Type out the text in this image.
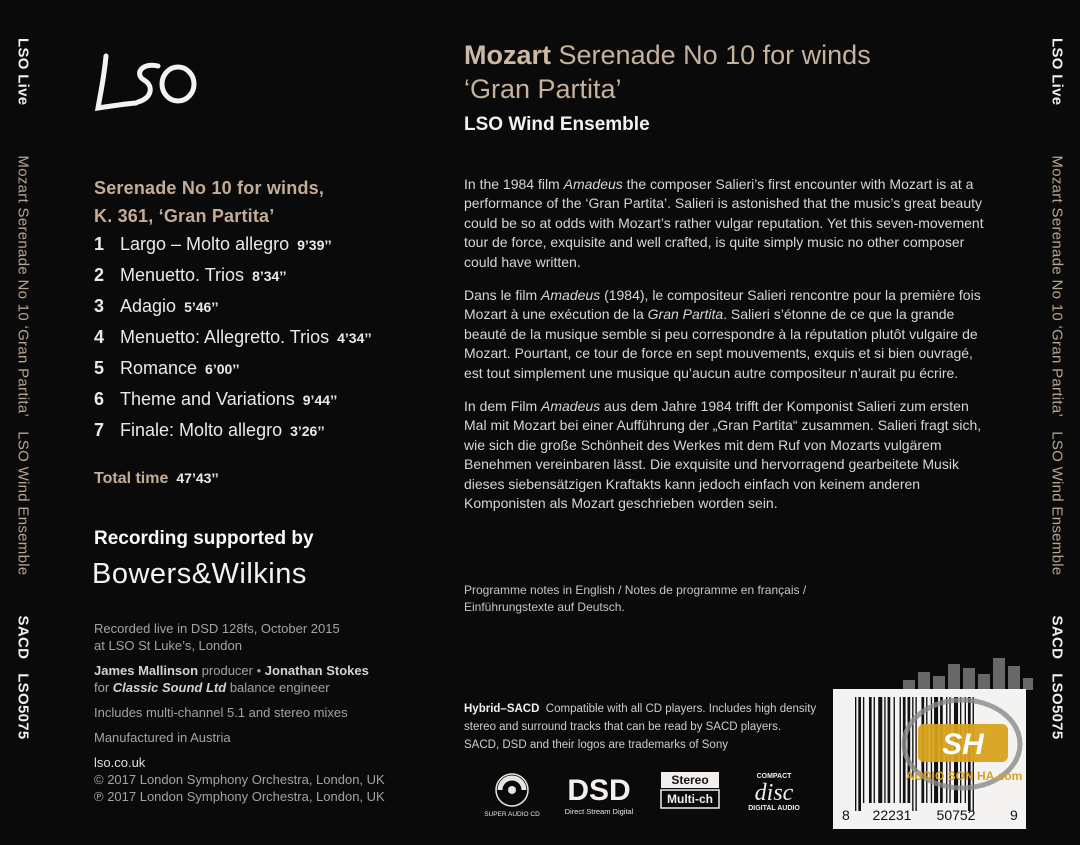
LSO LiveMozart Serenade No 10 ‘Gran Partita’LSO Wind EnsembleSACDLSO5075
LSO LiveMozart Serenade No 10 ‘Gran Partita’LSO Wind EnsembleSACDLSO5075
Serenade No 10 for winds,
K. 361, ‘Gran Partita’
1 Largo – Molto allegro 9’39’’
2 Menuetto. Trios 8’34’’
3 Adagio 5’46’’
4 Menuetto: Allegretto. Trios 4’34’’
5 Romance 6’00’’
6 Theme and Variations 9’44’’
7 Finale: Molto allegro 3’26’’
Total time 47’43’’
Recording supported by
Bowers&Wilkins
Recorded live in DSD 128fs, October 2015
at LSO St Luke’s, London
James Mallinson producer • Jonathan Stokes
for Classic Sound Ltd balance engineer
Includes multi-channel 5.1 and stereo mixes
Manufactured in Austria
lso.co.uk
© 2017 London Symphony Orchestra, London, UK
℗ 2017 London Symphony Orchestra, London, UK
Mozart Serenade No 10 for winds
‘Gran Partita’
LSO Wind Ensemble

In the 1984 film Amadeus the composer Salieri’s first encounter with Mozart is at a performance of the ‘Gran Partita’. Salieri is astonished that the music’s great beauty could be so at odds with Mozart’s rather vulgar reputation. Yet this seven-movement tour de force, exquisite and well crafted, is quite simply music no other composer could have written.

Dans le film Amadeus (1984), le compositeur Salieri rencontre pour la première fois Mozart à une exécution de la Gran Partita. Salieri s’étonne de ce que la grande beauté de la musique semble si peu correspondre à la réputation plutôt vulgaire de Mozart. Pourtant, ce tour de force en sept mouvements, exquis et si bien ouvragé, est tout simplement une musique qu’aucun autre compositeur n’aurait pu écrire.

In dem Film Amadeus aus dem Jahre 1984 trifft der Komponist Salieri zum ersten Mal mit Mozart bei einer Aufführung der „Gran Partita“ zusammen. Salieri fragt sich, wie sich die große Schönheit des Werkes mit dem Ruf von Mozarts vulgärem Benehmen vereinbaren lässt. Die exquisite und hervorragend gearbeitete Musik dieses siebensätzigen Kraftakts kann jedoch einfach von keinem anderen Komponisten als Mozart geschrieben worden sein.

Programme notes in English / Notes de programme en français /
Einführungstexte auf Deutsch.
Hybrid–SACD Compatible with all CD players. Includes high density stereo and surround tracks that can be read by SACD players. SACD, DSD and their logos are trademarks of Sony
SUPER AUDIO CD
DSD
Direct Stream Digital
Stereo
Multi-ch
COMPACT
disc
DIGITAL AUDIO	8 22231 50752 9
SH
AUDIO SON HA.com
